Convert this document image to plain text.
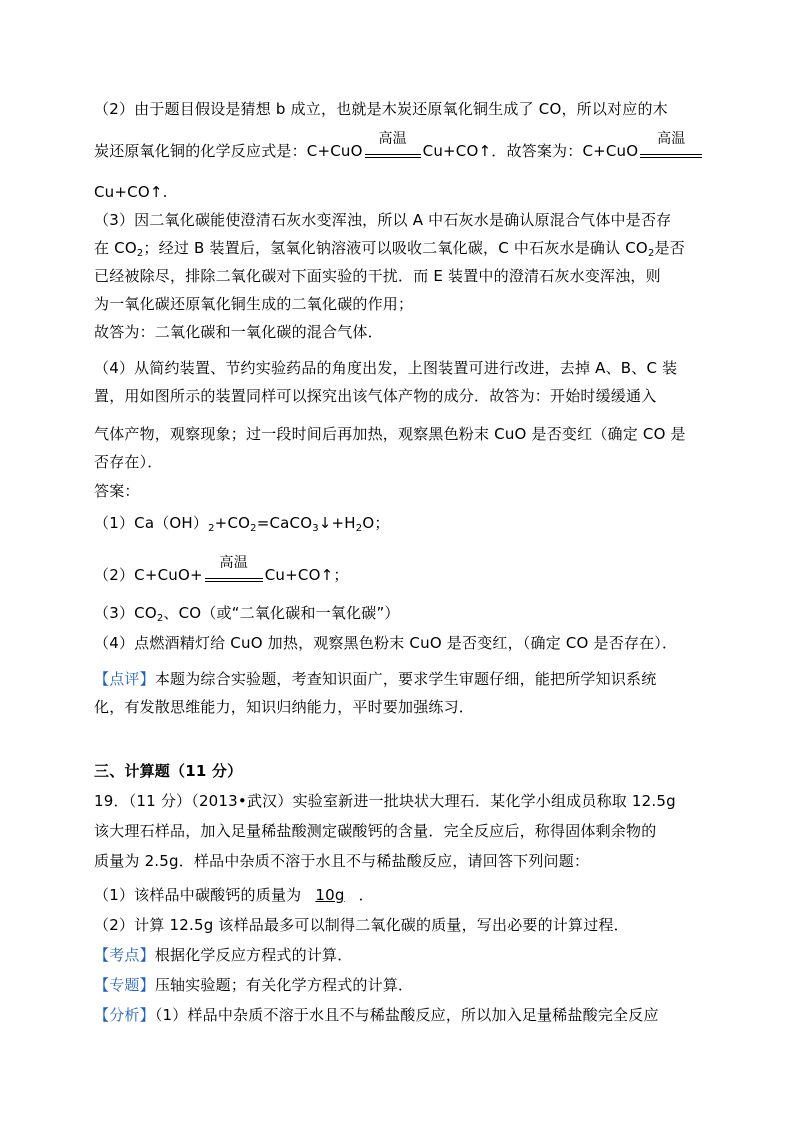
（2）由于题目假设是猜想 b 成立，也就是木炭还原氧化铜生成了 CO，所以对应的木
炭还原氧化铜的化学反应式是：C+CuO
高温
Cu+CO↑．故答案为：C+CuO
高温
Cu+CO↑.
（3）因二氧化碳能使澄清石灰水变浑浊，所以 A 中石灰水是确认原混合气体中是否存
在 $CO_2$；经过 B 装置后，氢氧化钠溶液可以吸收二氧化碳，C 中石灰水是确认 $CO_2$是否
已经被除尽，排除二氧化碳对下面实验的干扰．而 E 装置中的澄清石灰水变浑浊，则
为一氧化碳还原氧化铜生成的二氧化碳的作用；
故答为：二氧化碳和一氧化碳的混合气体．
（4）从简约装置、节约实验药品的角度出发，上图装置可进行改进，去掉 A、B、C 装
置，用如图所示的装置同样可以探究出该气体产物的成分．故答为：开始时缓缓通入
气体产物，观察现象；过一段时间后再加热，观察黑色粉末 CuO 是否变红（确定 CO 是
否存在）．
答案：
$(1)Ca(OH)_2+CO_2=CaCO_3↓+H_2O$；
（2）C+CuO+
高温
Cu+CO↑；
$(3)CO_2$、CO（或“二氧化碳和一氧化碳”）
（4）点燃酒精灯给 CuO 加热，观察黑色粉末 CuO 是否变红，（确定 CO 是否存在）．
【点评】本题为综合实验题，考查知识面广，要求学生审题仔细，能把所学知识系统
化，有发散思维能力，知识归纳能力，平时要加强练习．
三、计算题（11 分）
19．（11 分）（2013•武汉）实验室新进一批块状大理石．某化学小组成员称取 12.5g
该大理石样品，加入足量稀盐酸测定碳酸钙的含量．完全反应后，称得固体剩余物的
质量为 2.5g．样品中杂质不溶于水且不与稀盐酸反应，请回答下列问题：
（1）该样品中碳酸钙的质量为 10g ．
（2）计算 12.5g 该样品最多可以制得二氧化碳的质量，写出必要的计算过程．
【考点】根据化学反应方程式的计算．
【专题】压轴实验题；有关化学方程式的计算．
【分析】（1）样品中杂质不溶于水且不与稀盐酸反应，所以加入足量稀盐酸完全反应
